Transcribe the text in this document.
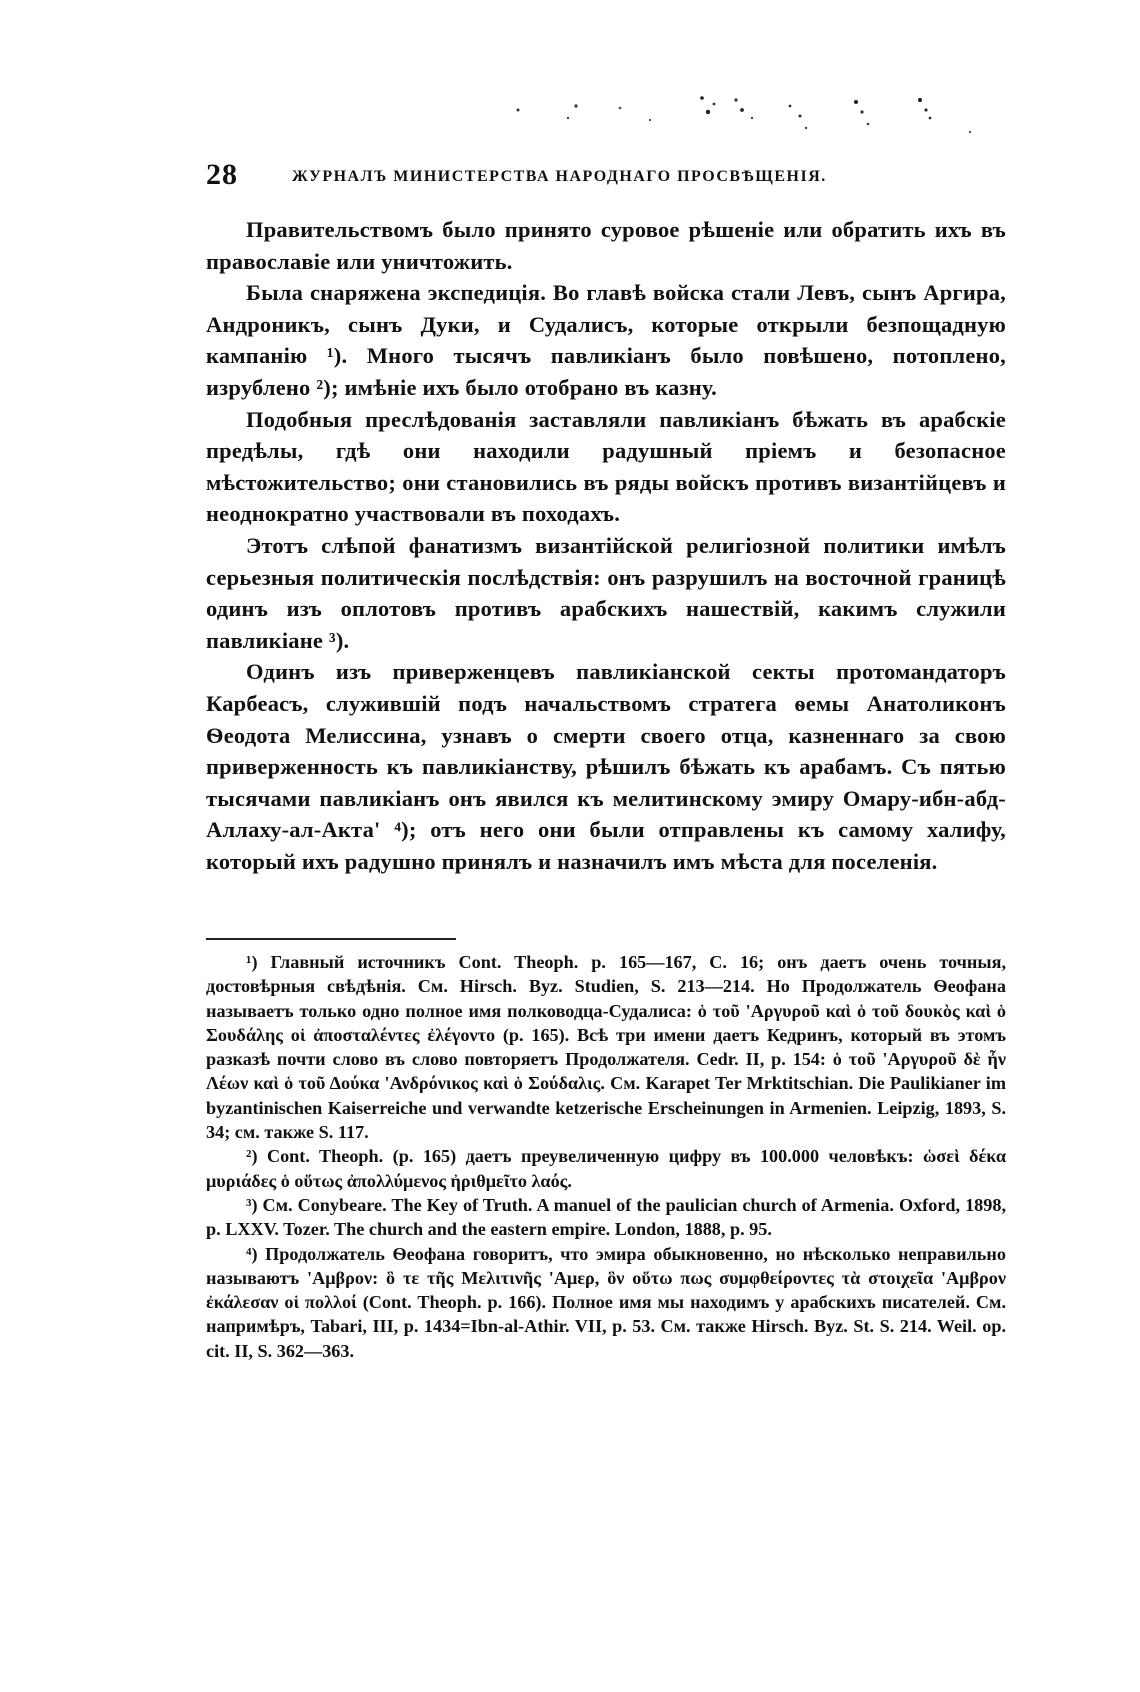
28	ЖУРНАЛЪ МИНИСТЕРСТВА НАРОДНАГО ПРОСВѢЩЕНІЯ.

Правительствомъ было принято суровое рѣшеніе или обратить ихъ въ православіе или уничтожить.

Была снаряжена экспедиція. Во главѣ войска стали Левъ, сынъ Аргира, Андроникъ, сынъ Дуки, и Судалисъ, которые открыли безпощадную кампанію ¹). Много тысячъ павликіанъ было повѣшено, потоплено, изрублено ²); имѣніе ихъ было отобрано въ казну.

Подобныя преслѣдованія заставляли павликіанъ бѣжать въ арабскіе предѣлы, гдѣ они находили радушный пріемъ и безопасное мѣстожительство; они становились въ ряды войскъ противъ византійцевъ и неоднократно участвовали въ походахъ.

Этотъ слѣпой фанатизмъ византійской религіозной политики имѣлъ серьезныя политическія послѣдствія: онъ разрушилъ на восточной границѣ одинъ изъ оплотовъ противъ арабскихъ нашествій, какимъ служили павликіане ³).

Одинъ изъ приверженцевъ павликіанской секты протомандаторъ Карбеасъ, служившій подъ начальствомъ стратега ѳемы Анатоликонъ Ѳеодота Мелиссина, узнавъ о смерти своего отца, казненнаго за свою приверженность къ павликіанству, рѣшилъ бѣжать къ арабамъ. Съ пятью тысячами павликіанъ онъ явился къ мелитинскому эмиру Омару-ибн-абд-Аллаху-ал-Акта' ⁴); отъ него они были отправлены къ самому халифу, который ихъ радушно принялъ и назначилъ имъ мѣста для поселенія.

¹) Главный источникъ Cont. Theoph. p. 165—167, C. 16; онъ даетъ очень точныя, достовѣрныя свѣдѣнія. См. Hirsch. Byz. Studien, S. 213—214. Но Продолжатель Ѳеофана называетъ только одно полное имя полководца-Судалиса: ὁ τοῦ 'Αργυροῦ καὶ ὁ τοῦ δουκὸς καὶ ὁ Σουδάλης οἱ ἀποσταλέντες ἐλέγοντο (p. 165). Всѣ три имени даетъ Кедринъ, который въ этомъ разказѣ почти слово въ слово повторяетъ Продолжателя. Cedr. II, p. 154: ὁ τοῦ 'Αργυροῦ δὲ ἦν Λέων καὶ ὁ τοῦ Δούκα 'Ανδρόνικος καὶ ὁ Σούδαλις. См. Karapet Ter Mrktitschian. Die Paulikianer im byzantinischen Kaiserreiche und verwandte ketzerische Erscheinungen in Armenien. Leipzig, 1893, S. 34; см. также S. 117.

²) Cont. Theoph. (p. 165) даетъ преувеличенную цифру въ 100.000 человѣкъ: ὡσεὶ δέκα μυριάδες ὁ οὕτως ἀπολλύμενος ἠριθμεῖτο λαός.

³) См. Conybeare. The Key of Truth. A manuel of the paulician church of Armenia. Oxford, 1898, p. LXXV. Tozer. The church and the eastern empire. London, 1888, p. 95.

⁴) Продолжатель Ѳеофана говоритъ, что эмира обыкновенно, но нѣсколько неправильно называютъ 'Αμβρον: ὃ τε τῆς Μελιτινῆς 'Αμερ, ὃν οὕτω πως συμφθείροντες τὰ στοιχεῖα 'Αμβρον ἐκάλεσαν οἱ πολλοί (Cont. Theoph. p. 166). Полное имя мы находимъ у арабскихъ писателей. См. напримѣръ, Tabari, III, p. 1434=Ibn-al-Athir. VII, p. 53. См. также Hirsch. Byz. St. S. 214. Weil. op. cit. II, S. 362—363.
